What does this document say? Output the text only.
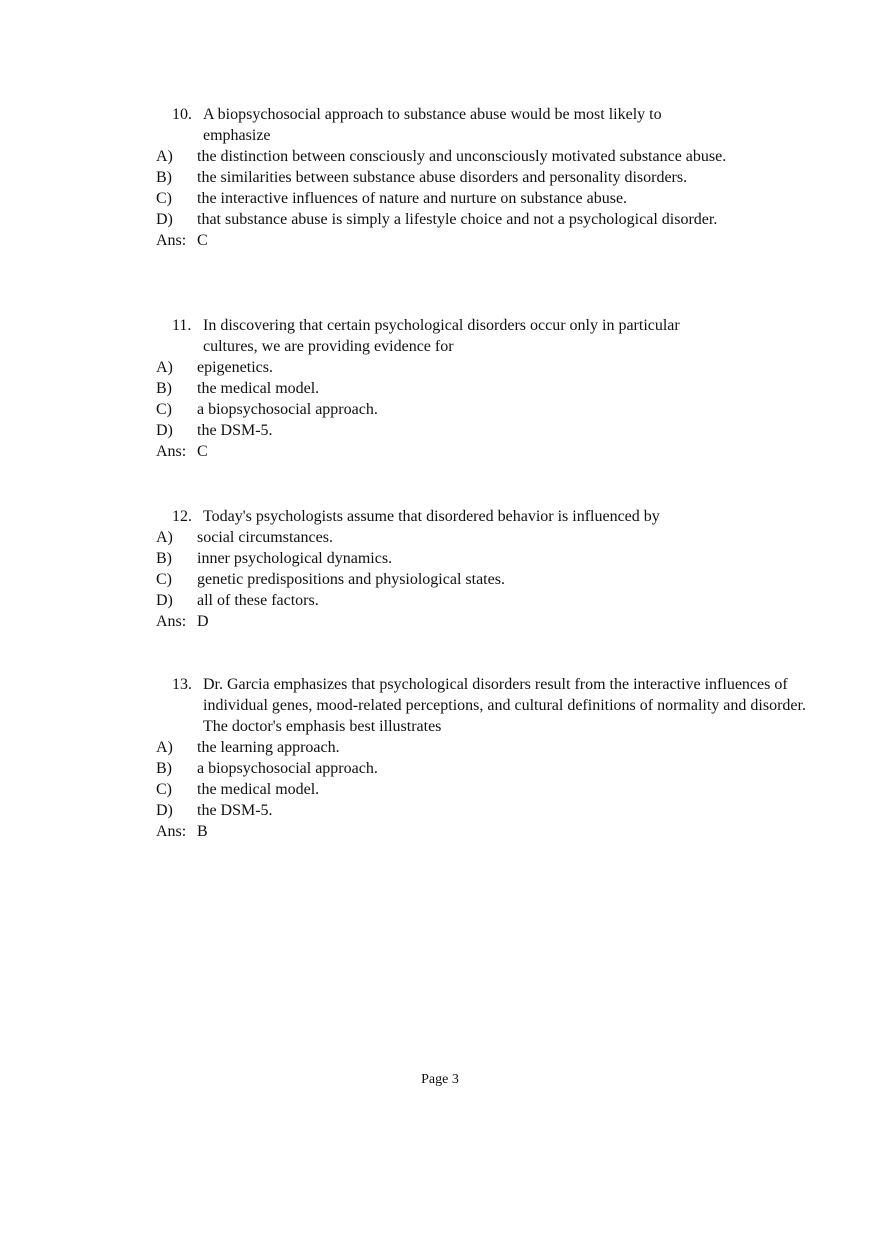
10. A biopsychosocial approach to substance abuse would be most likely to emphasize
A) the distinction between consciously and unconsciously motivated substance abuse.
B) the similarities between substance abuse disorders and personality disorders.
C) the interactive influences of nature and nurture on substance abuse.
D) that substance abuse is simply a lifestyle choice and not a psychological disorder.
Ans: C
11. In discovering that certain psychological disorders occur only in particular cultures, we are providing evidence for
A) epigenetics.
B) the medical model.
C) a biopsychosocial approach.
D) the DSM-5.
Ans: C
12. Today's psychologists assume that disordered behavior is influenced by
A) social circumstances.
B) inner psychological dynamics.
C) genetic predispositions and physiological states.
D) all of these factors.
Ans: D
13. Dr. Garcia emphasizes that psychological disorders result from the interactive influences of individual genes, mood-related perceptions, and cultural definitions of normality and disorder. The doctor's emphasis best illustrates
A) the learning approach.
B) a biopsychosocial approach.
C) the medical model.
D) the DSM-5.
Ans: B
Page 3
